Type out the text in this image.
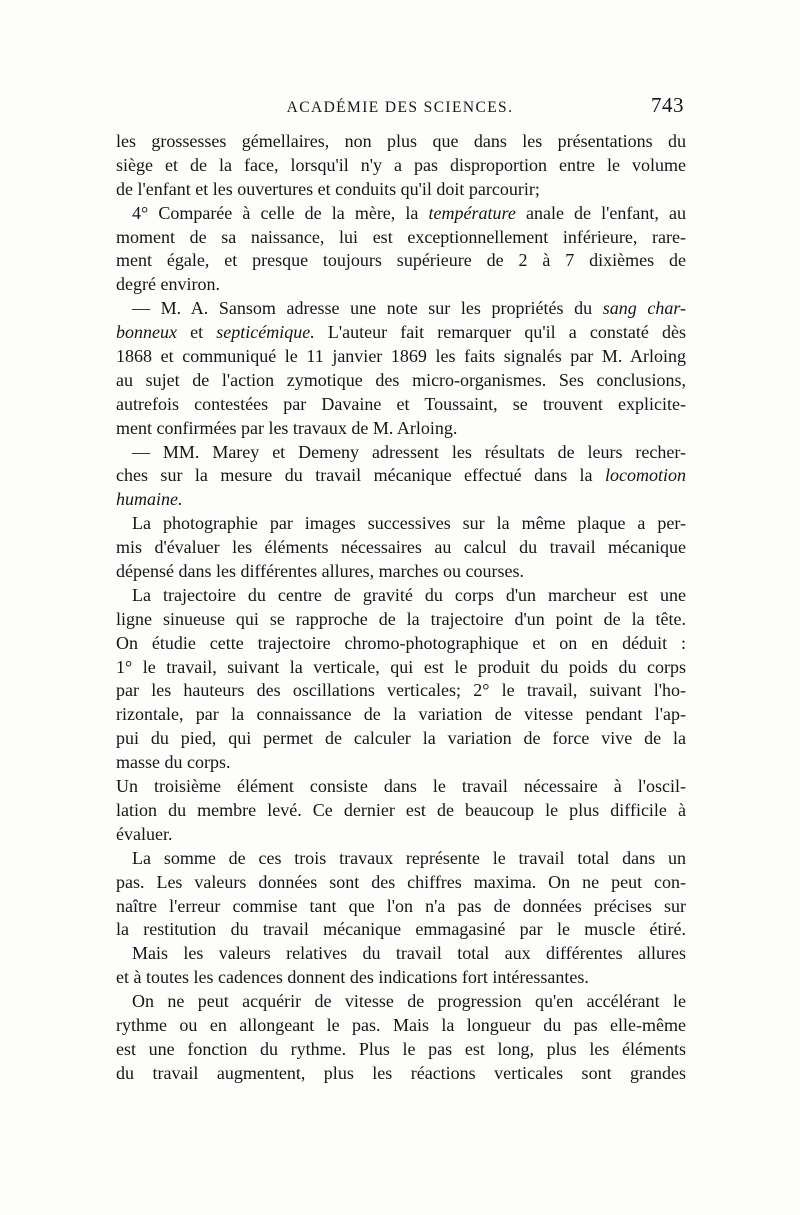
ACADÉMIE DES SCIENCES.	743
les grossesses gémellaires, non plus que dans les présentations du
siège et de la face, lorsqu'il n'y a pas disproportion entre le volume
de l'enfant et les ouvertures et conduits qu'il doit parcourir;
4° Comparée à celle de la mère, la température anale de l'enfant, au
moment de sa naissance, lui est exceptionnellement inférieure, rare-
ment égale, et presque toujours supérieure de 2 à 7 dixièmes de
degré environ.
— M. A. Sansom adresse une note sur les propriétés du sang char-
bonneux et septicémique. L'auteur fait remarquer qu'il a constaté dès
1868 et communiqué le 11 janvier 1869 les faits signalés par M. Arloing
au sujet de l'action zymotique des micro-organismes. Ses conclusions,
autrefois contestées par Davaine et Toussaint, se trouvent explicite-
ment confirmées par les travaux de M. Arloing.
— MM. Marey et Demeny adressent les résultats de leurs recher-
ches sur la mesure du travail mécanique effectué dans la locomotion
humaine.
La photographie par images successives sur la même plaque a per-
mis d'évaluer les éléments nécessaires au calcul du travail mécanique
dépensé dans les différentes allures, marches ou courses.
La trajectoire du centre de gravité du corps d'un marcheur est une
ligne sinueuse qui se rapproche de la trajectoire d'un point de la tête.
On étudie cette trajectoire chromo-photographique et on en déduit :
1° le travail, suivant la verticale, qui est le produit du poids du corps
par les hauteurs des oscillations verticales; 2° le travail, suivant l'ho-
rizontale, par la connaissance de la variation de vitesse pendant l'ap-
pui du pied, qui permet de calculer la variation de force vive de la
masse du corps.
Un troisième élément consiste dans le travail nécessaire à l'oscil-
lation du membre levé. Ce dernier est de beaucoup le plus difficile à
évaluer.
La somme de ces trois travaux représente le travail total dans un
pas. Les valeurs données sont des chiffres maxima. On ne peut con-
naître l'erreur commise tant que l'on n'a pas de données précises sur
la restitution du travail mécanique emmagasiné par le muscle étiré.
Mais les valeurs relatives du travail total aux différentes allures
et à toutes les cadences donnent des indications fort intéressantes.
On ne peut acquérir de vitesse de progression qu'en accélérant le
rythme ou en allongeant le pas. Mais la longueur du pas elle-même
est une fonction du rythme. Plus le pas est long, plus les éléments
du travail augmentent, plus les réactions verticales sont grandes
